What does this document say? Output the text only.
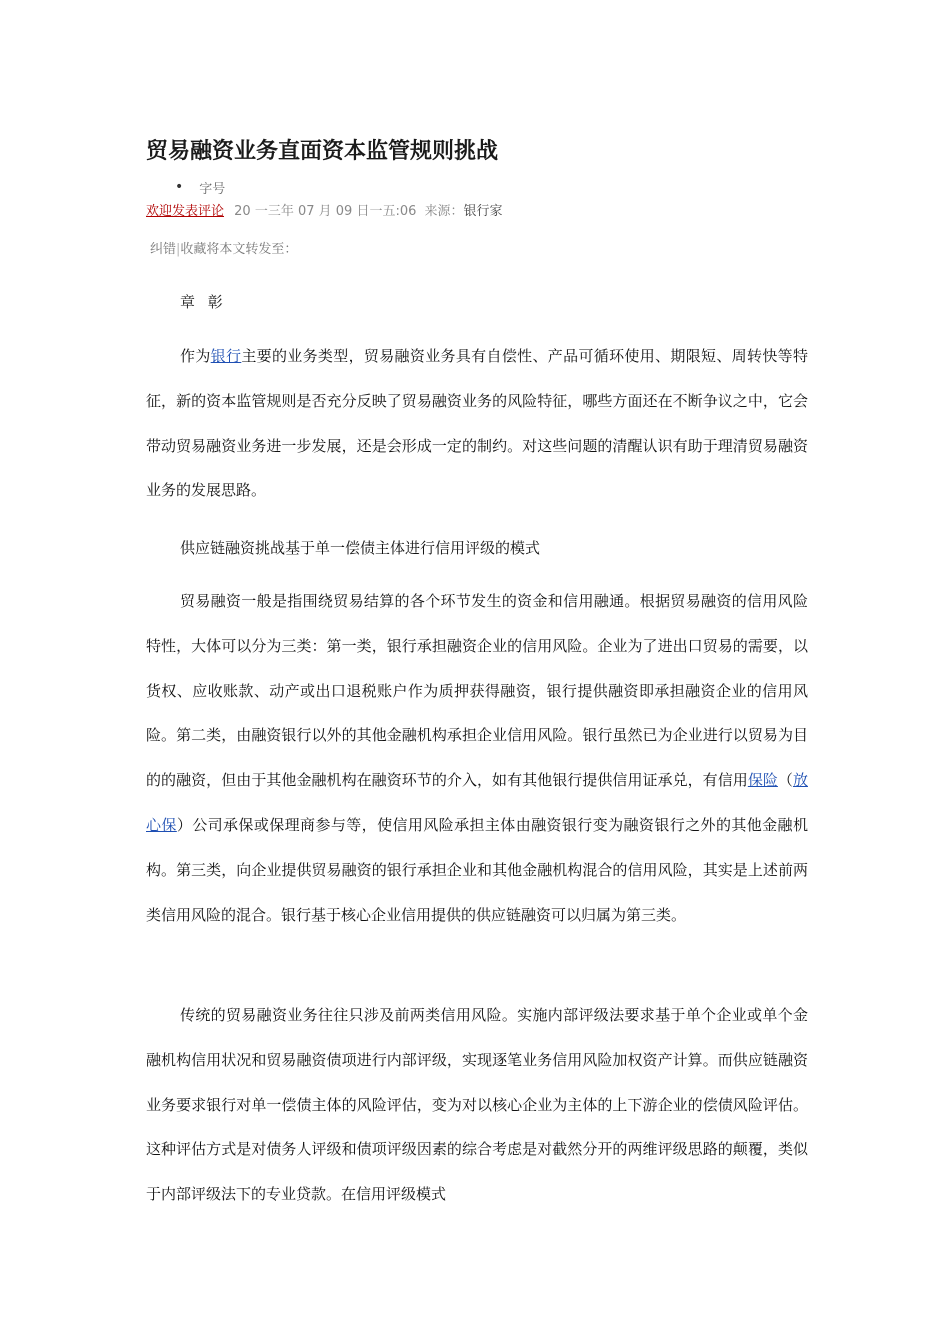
贸易融资业务直面资本监管规则挑战
• 字号
欢迎发表评论 20 一三年 07 月 09 日一五:06 来源：银行家
纠错|收藏将本文转发至：
章 彰

作为银行主要的业务类型，贸易融资业务具有自偿性、产品可循环使用、期限短、周转快等特征，新的资本监管规则是否充分反映了贸易融资业务的风险特征，哪些方面还在不断争议之中，它会带动贸易融资业务进一步发展，还是会形成一定的制约。对这些问题的清醒认识有助于理清贸易融资业务的发展思路。

供应链融资挑战基于单一偿债主体进行信用评级的模式

贸易融资一般是指围绕贸易结算的各个环节发生的资金和信用融通。根据贸易融资的信用风险特性，大体可以分为三类：第一类，银行承担融资企业的信用风险。企业为了进出口贸易的需要，以货权、应收账款、动产或出口退税账户作为质押获得融资，银行提供融资即承担融资企业的信用风险。第二类，由融资银行以外的其他金融机构承担企业信用风险。银行虽然已为企业进行以贸易为目的的融资，但由于其他金融机构在融资环节的介入，如有其他银行提供信用证承兑，有信用保险（放心保）公司承保或保理商参与等，使信用风险承担主体由融资银行变为融资银行之外的其他金融机构。第三类，向企业提供贸易融资的银行承担企业和其他金融机构混合的信用风险，其实是上述前两类信用风险的混合。银行基于核心企业信用提供的供应链融资可以归属为第三类。

传统的贸易融资业务往往只涉及前两类信用风险。实施内部评级法要求基于单个企业或单个金融机构信用状况和贸易融资债项进行内部评级，实现逐笔业务信用风险加权资产计算。而供应链融资业务要求银行对单一偿债主体的风险评估，变为对以核心企业为主体的上下游企业的偿债风险评估。这种评估方式是对债务人评级和债项评级因素的综合考虑是对截然分开的两维评级思路的颠覆，类似于内部评级法下的专业贷款。在信用评级模式
